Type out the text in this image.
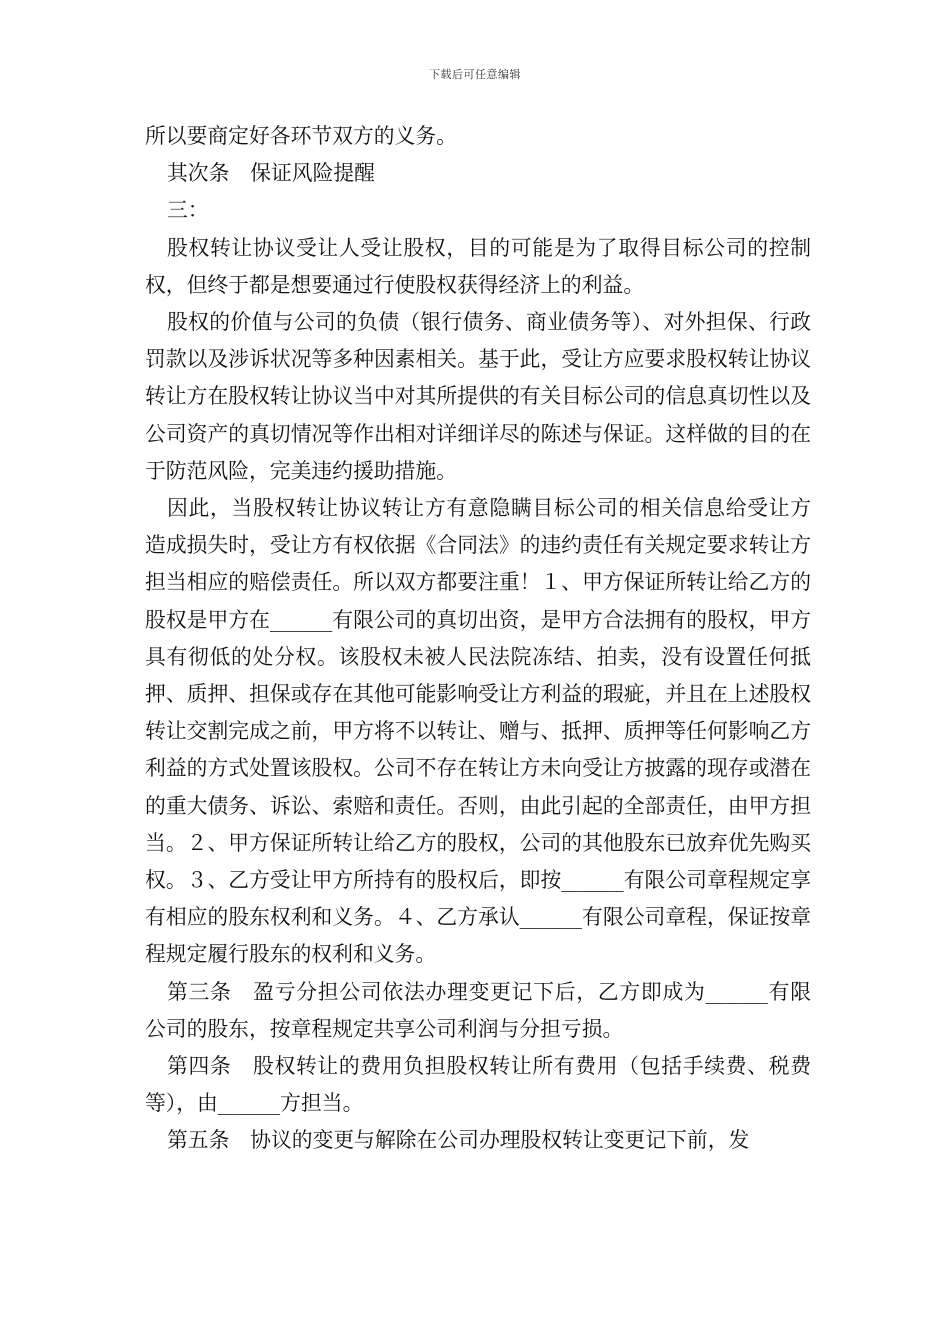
下载后可任意编辑

所以要商定好各环节双方的义务。

其次条　保证风险提醒

三：

股权转让协议受让人受让股权，目的可能是为了取得目标公司的控制权，但终于都是想要通过行使股权获得经济上的利益。

股权的价值与公司的负债（银行债务、商业债务等）、对外担保、行政罚款以及涉诉状况等多种因素相关。基于此，受让方应要求股权转让协议转让方在股权转让协议当中对其所提供的有关目标公司的信息真切性以及公司资产的真切情况等作出相对详细详尽的陈述与保证。这样做的目的在于防范风险，完美违约援助措施。

因此，当股权转让协议转让方有意隐瞒目标公司的相关信息给受让方造成损失时，受让方有权依据《合同法》的违约责任有关规定要求转让方担当相应的赔偿责任。所以双方都要注重！１、甲方保证所转让给乙方的股权是甲方在______有限公司的真切出资，是甲方合法拥有的股权，甲方具有彻低的处分权。该股权未被人民法院冻结、拍卖，没有设置任何抵押、质押、担保或存在其他可能影响受让方利益的瑕疵，并且在上述股权转让交割完成之前，甲方将不以转让、赠与、抵押、质押等任何影响乙方利益的方式处置该股权。公司不存在转让方未向受让方披露的现存或潜在的重大债务、诉讼、索赔和责任。否则，由此引起的全部责任，由甲方担当。２、甲方保证所转让给乙方的股权，公司的其他股东已放弃优先购买权。３、乙方受让甲方所持有的股权后，即按______有限公司章程规定享有相应的股东权利和义务。４、乙方承认______有限公司章程，保证按章程规定履行股东的权利和义务。

第三条　盈亏分担公司依法办理变更记下后，乙方即成为______有限公司的股东，按章程规定共享公司利润与分担亏损。

第四条　股权转让的费用负担股权转让所有费用（包括手续费、税费等），由______方担当。

第五条　协议的变更与解除在公司办理股权转让变更记下前，发
